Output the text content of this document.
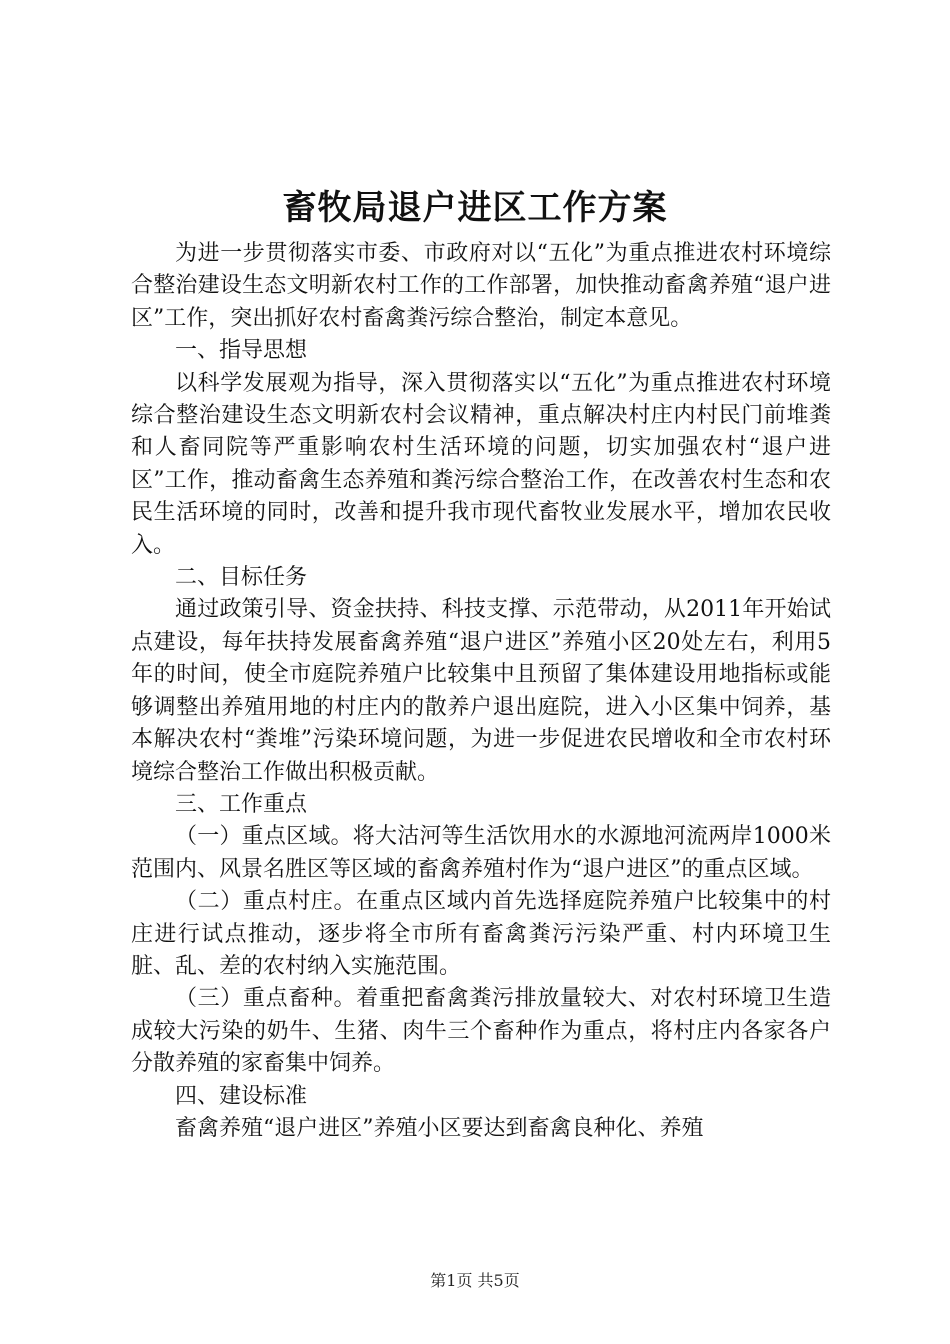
畜牧局退户进区工作方案

为进一步贯彻落实市委、市政府对以“五化”为重点推进农村环境综合整治建设生态文明新农村工作的工作部署，加快推动畜禽养殖“退户进区”工作，突出抓好农村畜禽粪污综合整治，制定本意见。

一、指导思想

以科学发展观为指导，深入贯彻落实以“五化”为重点推进农村环境综合整治建设生态文明新农村会议精神，重点解决村庄内村民门前堆粪和人畜同院等严重影响农村生活环境的问题，切实加强农村“退户进区”工作，推动畜禽生态养殖和粪污综合整治工作，在改善农村生态和农民生活环境的同时，改善和提升我市现代畜牧业发展水平，增加农民收入。

二、目标任务

通过政策引导、资金扶持、科技支撑、示范带动，从2011年开始试点建设，每年扶持发展畜禽养殖“退户进区”养殖小区20处左右，利用5年的时间，使全市庭院养殖户比较集中且预留了集体建设用地指标或能够调整出养殖用地的村庄内的散养户退出庭院，进入小区集中饲养，基本解决农村“粪堆”污染环境问题，为进一步促进农民增收和全市农村环境综合整治工作做出积极贡献。

三、工作重点

（一）重点区域。将大沽河等生活饮用水的水源地河流两岸1000米范围内、风景名胜区等区域的畜禽养殖村作为“退户进区”的重点区域。

（二）重点村庄。在重点区域内首先选择庭院养殖户比较集中的村庄进行试点推动，逐步将全市所有畜禽粪污污染严重、村内环境卫生脏、乱、差的农村纳入实施范围。

（三）重点畜种。着重把畜禽粪污排放量较大、对农村环境卫生造成较大污染的奶牛、生猪、肉牛三个畜种作为重点，将村庄内各家各户分散养殖的家畜集中饲养。

四、建设标准

畜禽养殖“退户进区”养殖小区要达到畜禽良种化、养殖

第1页 共5页
